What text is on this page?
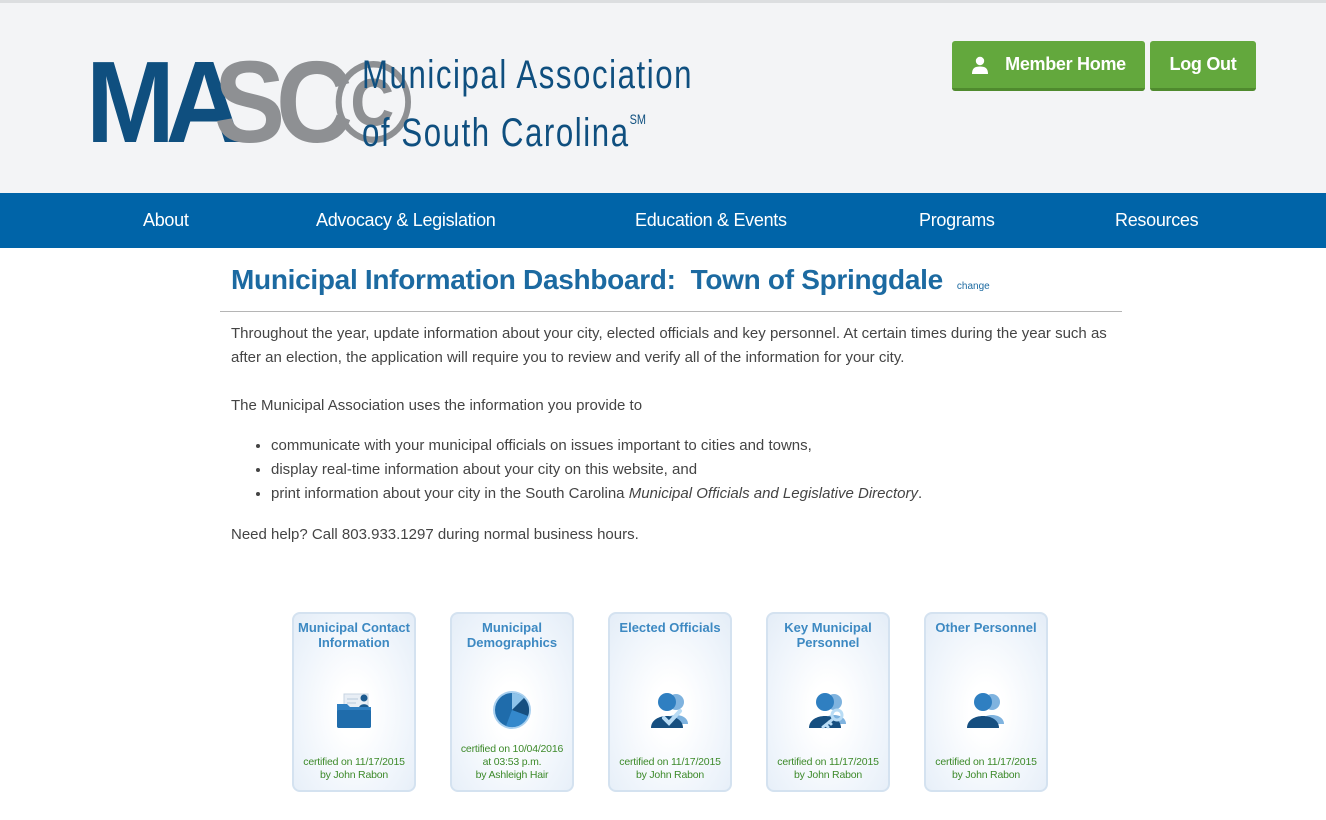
MA
SC
©
Municipal Association
of South Carolina℠
Member Home Log Out
About	Advocacy & Legislation	Education & Events	Programs	Resources
Municipal Information Dashboard:  Town of Springdale change

Throughout the year, update information about your city, elected officials and key personnel. At certain times during the year such as after an election, the application will require you to review and verify all of the information for your city.

The Municipal Association uses the information you provide to

• communicate with your municipal officials on issues important to cities and towns,
• display real-time information about your city on this website, and
• print information about your city in the South Carolina Municipal Officials and Legislative Directory.

Need help? Call 803.933.1297 during normal business hours.

Municipal Contact Information
certified on 11/17/2015
by John Rabon
Municipal Demographics
certified on 10/04/2016
at 03:53 p.m.
by Ashleigh Hair
Elected Officials
certified on 11/17/2015
by John Rabon
Key Municipal Personnel
certified on 11/17/2015
by John Rabon
Other Personnel
certified on 11/17/2015
by John Rabon
